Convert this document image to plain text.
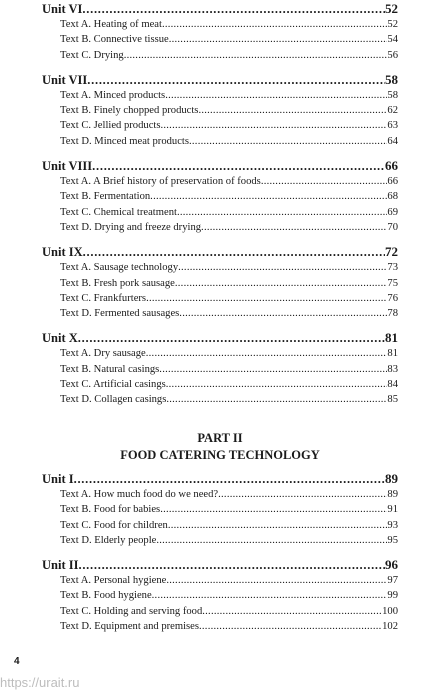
Unit VI . . .	52
Text A. Heating of meat . . .	52
Text B. Connective tissue . . .	54
Text C. Drying . . .	56
Unit VII . . .	58
Text A. Minced products . . .	58
Text B. Finely chopped products . . .	62
Text C. Jellied products . . .	63
Text D. Minced meat products . . .	64
Unit VIII . . .	66
Text A. A Brief history of preservation of foods . . .	66
Text B. Fermentation . . .	68
Text C. Chemical treatment . . .	69
Text D. Drying and freeze drying . . .	70
Unit IX . . .	72
Text A. Sausage technology . . .	73
Text B. Fresh pork sausage . . .	75
Text C. Frankfurters . . .	76
Text D. Fermented sausages . . .	78
Unit X . . .	81
Text A. Dry sausage . . .	81
Text B. Natural casings . . .	83
Text C. Artificial casings . . .	84
Text D. Collagen casings . . .	85
PART II
FOOD CATERING TECHNOLOGY
Unit I . . .	89
Text A. How much food do we need? . . .	89
Text B. Food for babies . . .	91
Text C. Food for children . . .	93
Text D. Elderly people . . .	95
Unit II . . .	96
Text A. Personal hygiene . . .	97
Text B. Food hygiene . . .	99
Text C. Holding and serving food . . .	100
Text D. Equipment and premises . . .	102
4
https://urait.ru
